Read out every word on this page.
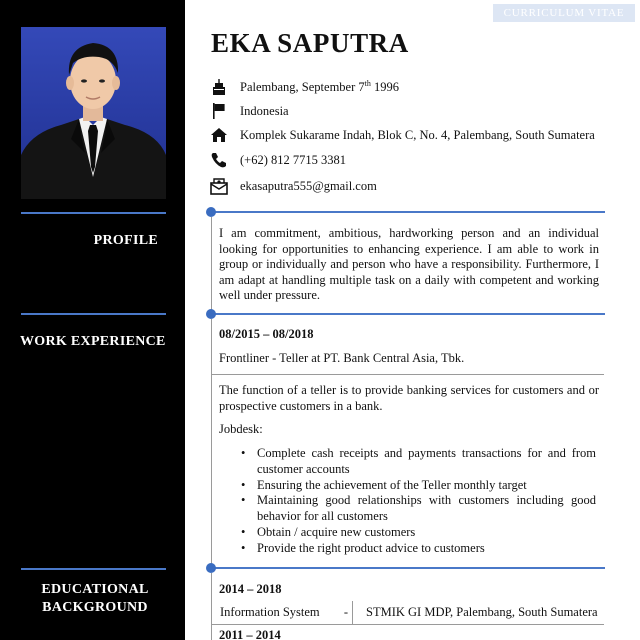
PROFILE
WORK EXPERIENCE
EDUCATIONAL
BACKGROUND
CURRICULUM VITAE
EKA SAPUTRA
Palembang, September 7th 1996
Indonesia
Komplek Sukarame Indah, Blok C, No. 4, Palembang, South Sumatera
(+62) 812 7715 3381
ekasaputra555@gmail.com
I am commitment, ambitious, hardworking person and an individual looking for opportunities to enhancing experience. I am able to work in group or individually and person who have a responsibility. Furthermore, I am adapt at handling multiple task on a daily with competent and working well under pressure.
08/2015 – 08/2018
Frontliner - Teller at PT. Bank Central Asia, Tbk.
The function of a teller is to provide banking services for customers and or prospective customers in a bank.
Jobdesk:
• Complete cash receipts and payments transactions for and from customer accounts
• Ensuring the achievement of the Teller monthly target
• Maintaining good relationships with customers including good behavior for all customers
• Obtain / acquire new customers
• Provide the right product advice to customers
2014 – 2018
Information System	-	STMIK GI MDP, Palembang, South Sumatera
2011 – 2014
